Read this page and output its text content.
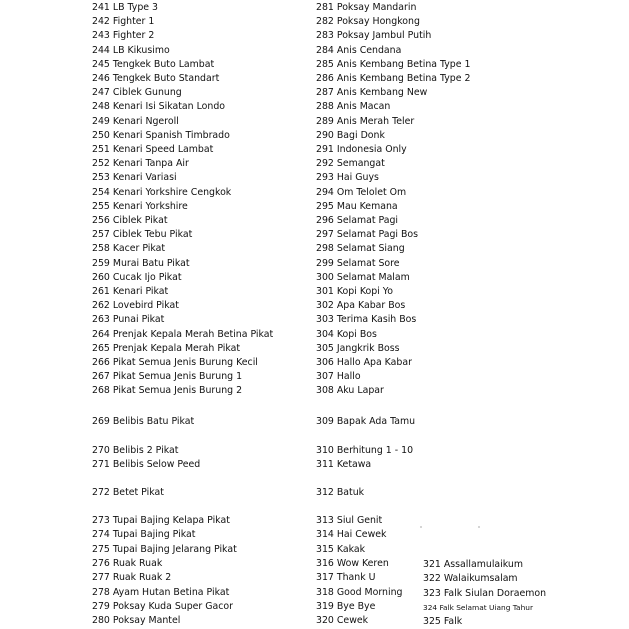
241 LB Type 3
242 Fighter 1
243 Fighter 2
244 LB Kikusimo
245 Tengkek Buto Lambat
246 Tengkek Buto Standart
247 Ciblek Gunung
248 Kenari Isi Sikatan Londo
249 Kenari Ngeroll
250 Kenari Spanish Timbrado
251 Kenari Speed Lambat
252 Kenari Tanpa Air
253 Kenari Variasi
254 Kenari Yorkshire Cengkok
255 Kenari Yorkshire
256 Ciblek Pikat
257 Ciblek Tebu Pikat
258 Kacer Pikat
259 Murai Batu Pikat
260 Cucak Ijo Pikat
261 Kenari Pikat
262 Lovebird Pikat
263 Punai Pikat
264 Prenjak Kepala Merah Betina Pikat
265 Prenjak Kepala Merah Pikat
266 Pikat Semua Jenis Burung Kecil
267 Pikat Semua Jenis Burung 1
268 Pikat Semua Jenis Burung 2
269 Belibis Batu Pikat
270 Belibis 2 Pikat
271 Belibis Selow Peed
272 Betet Pikat
273 Tupai Bajing Kelapa Pikat
274 Tupai Bajing Pikat
275 Tupai Bajing Jelarang Pikat
276 Ruak Ruak
277 Ruak Ruak 2
278 Ayam Hutan Betina Pikat
279 Poksay Kuda Super Gacor
280 Poksay Mantel
281 Poksay Mandarin
282 Poksay Hongkong
283 Poksay Jambul Putih
284 Anis Cendana
285 Anis Kembang Betina Type 1
286 Anis Kembang Betina Type 2
287 Anis Kembang New
288 Anis Macan
289 Anis Merah Teler
290 Bagi Donk
291 Indonesia Only
292 Semangat
293 Hai Guys
294 Om Telolet Om
295 Mau Kemana
296 Selamat Pagi
297 Selamat Pagi Bos
298 Selamat Siang
299 Selamat Sore
300 Selamat Malam
301 Kopi Kopi Yo
302 Apa Kabar Bos
303 Terima Kasih Bos
304 Kopi Bos
305 Jangkrik Boss
306 Hallo Apa Kabar
307 Hallo
308 Aku Lapar
309 Bapak Ada Tamu
310 Berhitung 1 - 10
311 Ketawa
312 Batuk
313 Siul Genit
314 Hai Cewek
315 Kakak
316 Wow Keren
317 Thank U
318 Good Morning
319 Bye Bye
320 Cewek
321 Assallamulaikum
322 Walaikumsalam
323 Falk Siulan Doraemon
324 Falk Selamat Uiang Tahur
325 Falk
